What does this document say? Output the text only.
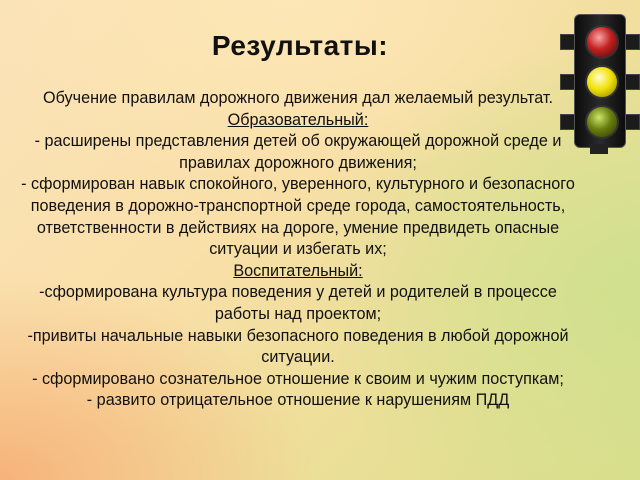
Результаты:
Обучение правилам дорожного движения дал желаемый результат.
Образовательный:
- расширены представления детей об окружающей дорожной среде и правилах дорожного движения;
- сформирован навык спокойного, уверенного, культурного и безопасного поведения в дорожно-транспортной среде города, самостоятельность, ответственности в действиях на дороге, умение предвидеть опасные ситуации и избегать их;
Воспитательный:
-сформирована культура поведения у детей и родителей в процессе работы над проектом;
-привиты начальные навыки безопасного поведения в любой дорожной ситуации.
- сформировано сознательное отношение к своим и чужим поступкам;
- развито отрицательное отношение к нарушениям ПДД
